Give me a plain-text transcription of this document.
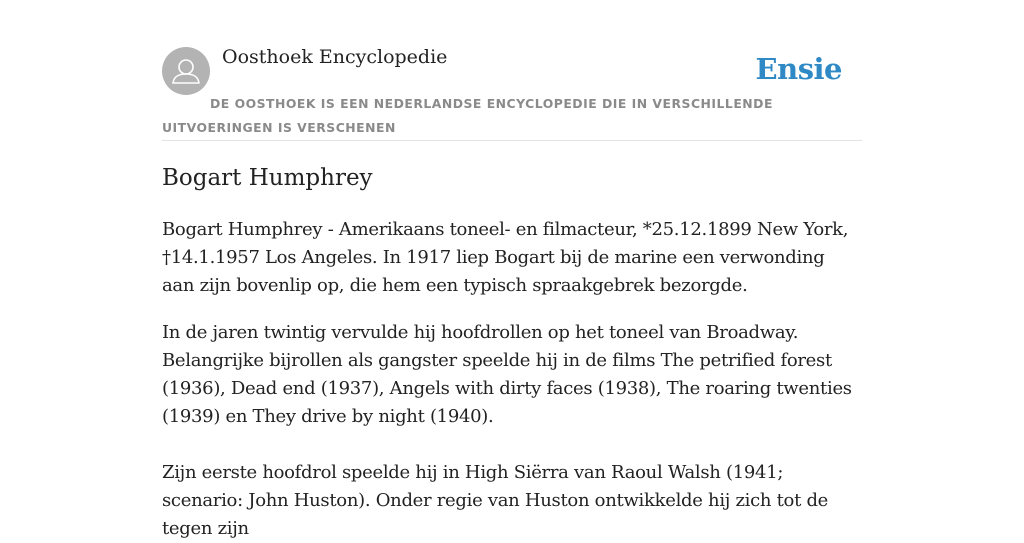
Oosthoek Encyclopedie	Ensie
DE OOSTHOEK IS EEN NEDERLANDSE ENCYCLOPEDIE DIE IN VERSCHILLENDE UITVOERINGEN IS VERSCHENEN
Bogart Humphrey

Bogart Humphrey - Amerikaans toneel- en filmacteur, *25.12.1899 New York, †14.1.1957 Los Angeles. In 1917 liep Bogart bij de marine een verwonding aan zijn bovenlip op, die hem een typisch spraakgebrek bezorgde.

In de jaren twintig vervulde hij hoofdrollen op het toneel van Broadway. Belangrijke bijrollen als gangster speelde hij in de films The petrified forest (1936), Dead end (1937), Angels with dirty faces (1938), The roaring twenties (1939) en They drive by night (1940).

Zijn eerste hoofdrol speelde hij in High Siërra van Raoul Walsh (1941; scenario: John Huston). Onder regie van Huston ontwikkelde hij zich tot de tegen zijn
